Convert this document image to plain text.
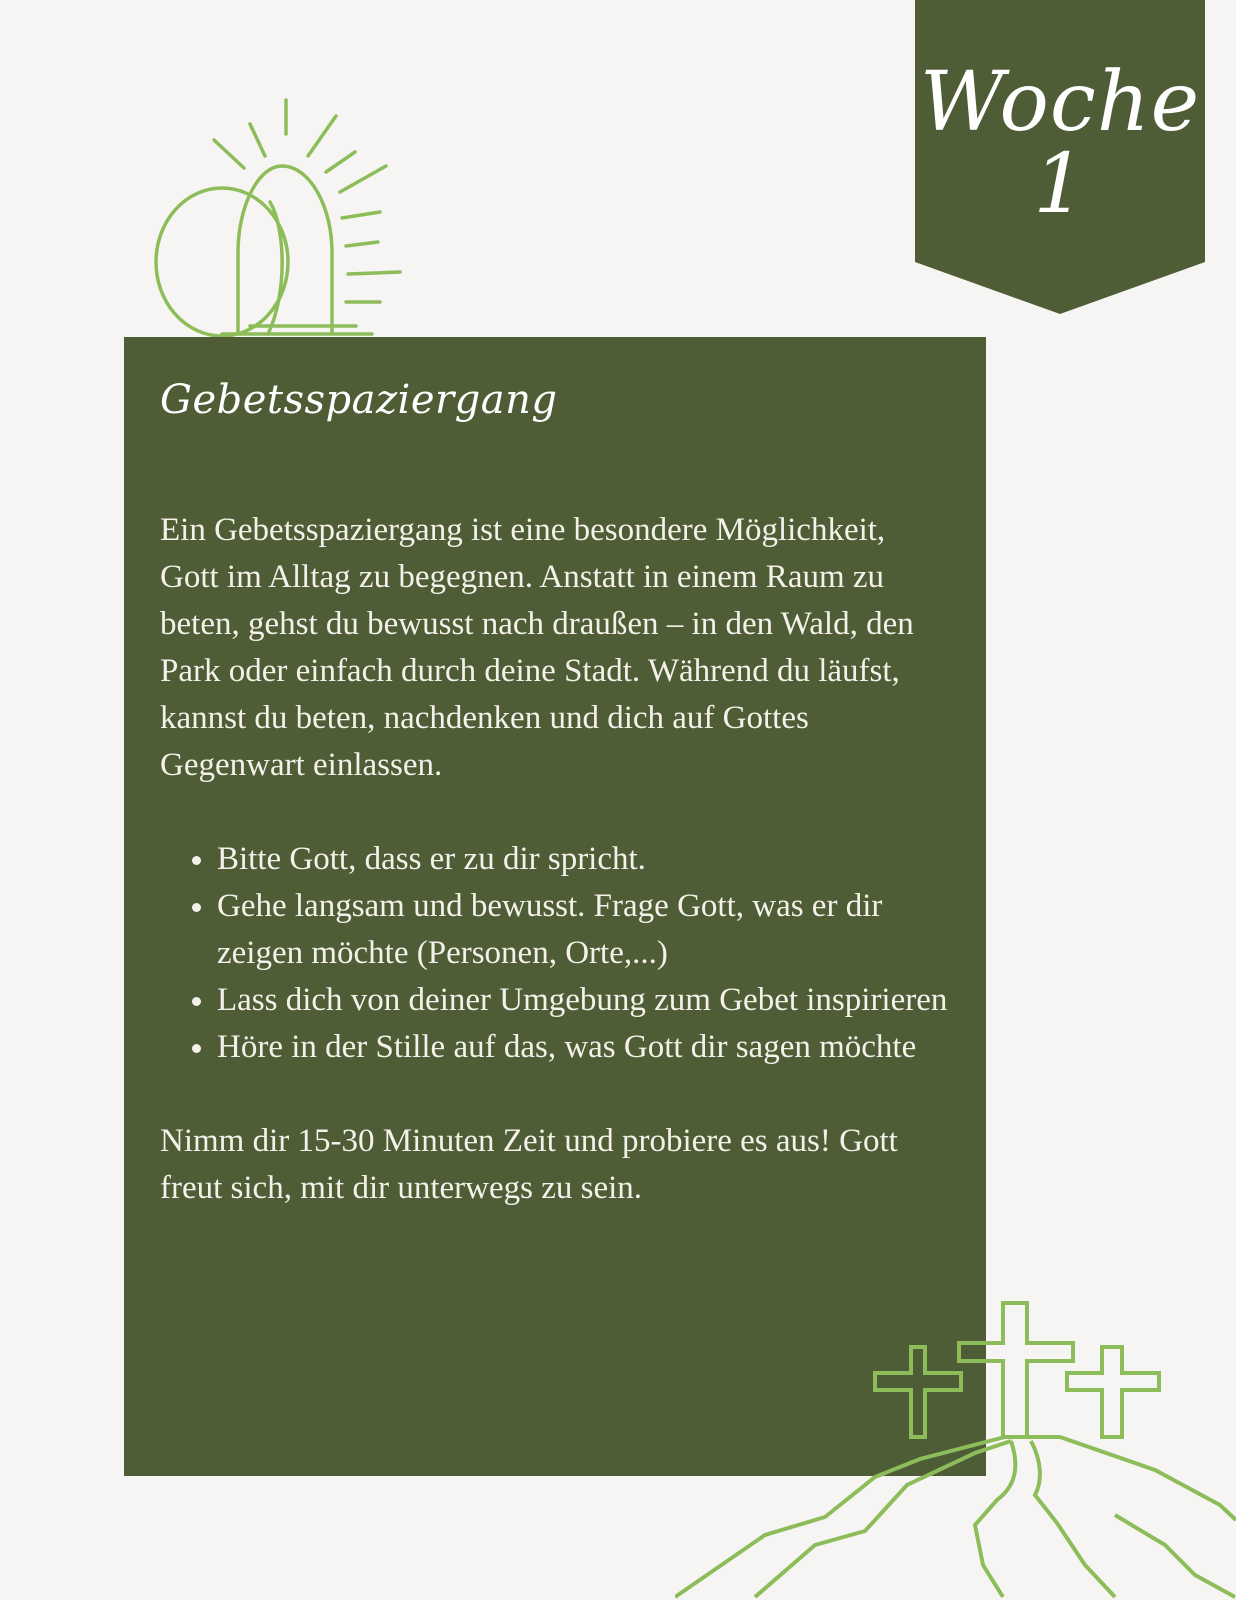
Woche 1
Gebetsspaziergang

Ein Gebetsspaziergang ist eine besondere Möglichkeit, Gott im Alltag zu begegnen. Anstatt in einem Raum zu beten, gehst du bewusst nach draußen – in den Wald, den Park oder einfach durch deine Stadt. Während du läufst, kannst du beten, nachdenken und dich auf Gottes Gegenwart einlassen.

• Bitte Gott, dass er zu dir spricht.
• Gehe langsam und bewusst. Frage Gott, was er dir zeigen möchte (Personen, Orte,...)
• Lass dich von deiner Umgebung zum Gebet inspirieren
• Höre in der Stille auf das, was Gott dir sagen möchte

Nimm dir 15-30 Minuten Zeit und probiere es aus! Gott freut sich, mit dir unterwegs zu sein.
